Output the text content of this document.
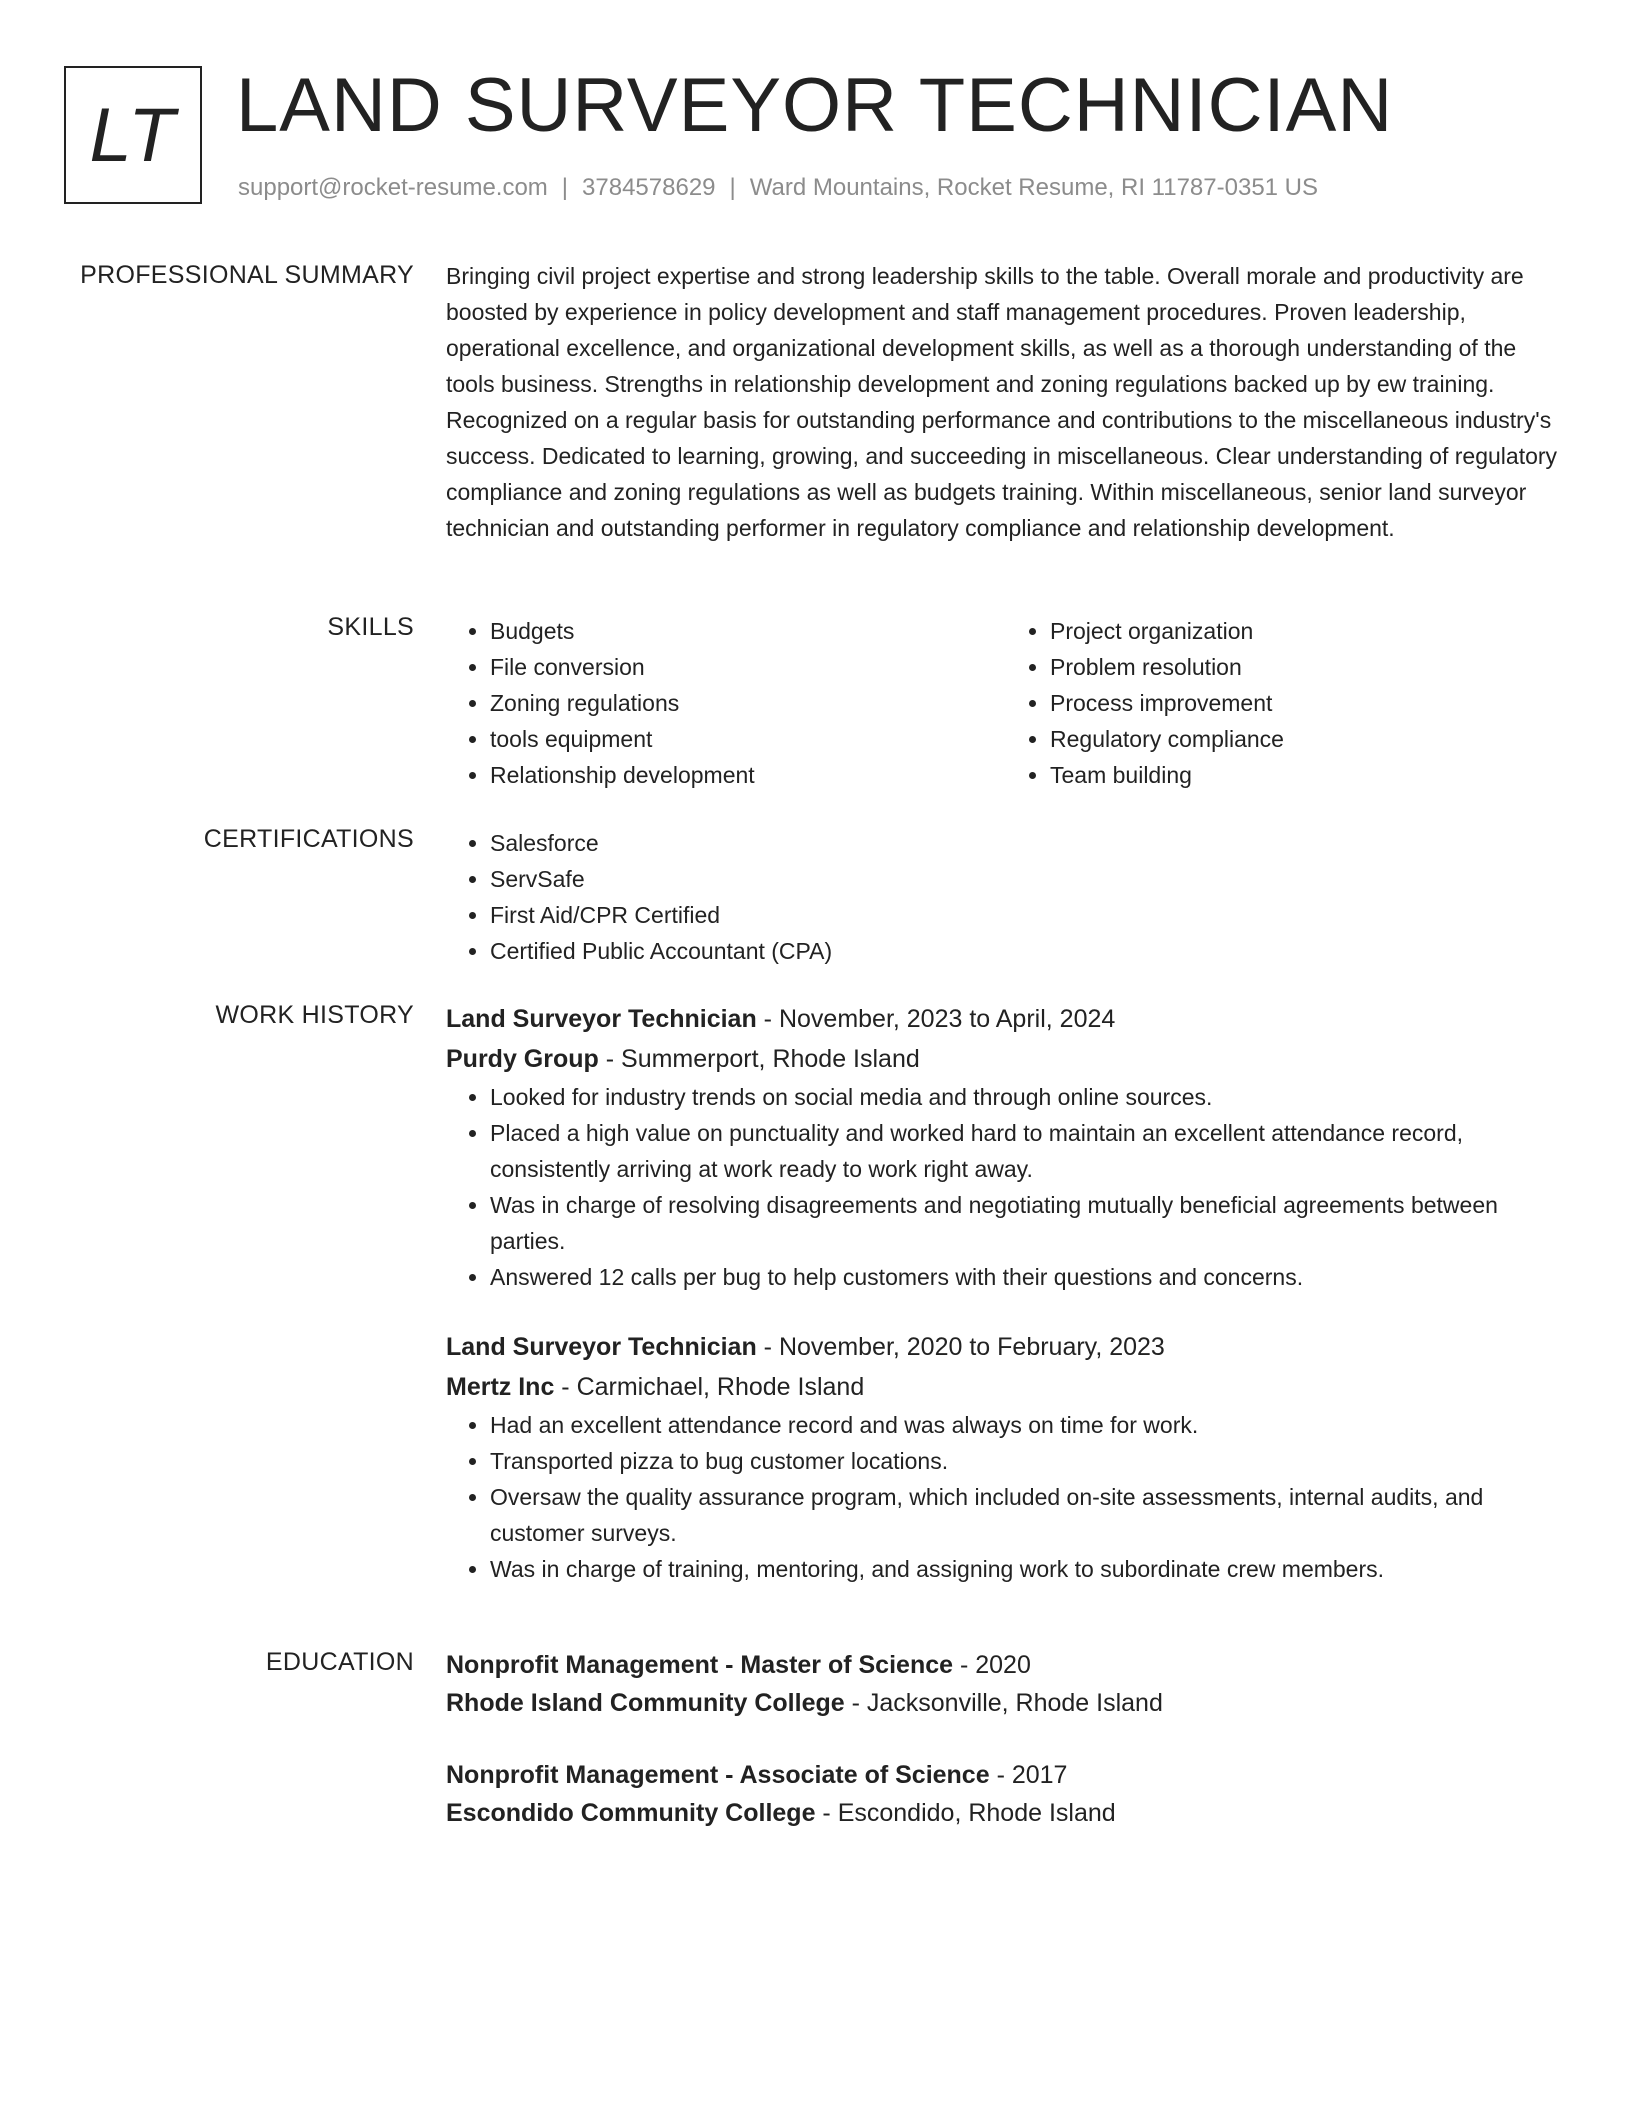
LT LAND SURVEYOR TECHNICIAN
support@rocket-resume.com | 3784578629 | Ward Mountains, Rocket Resume, RI 11787-0351 US
PROFESSIONAL SUMMARY Bringing civil project expertise and strong leadership skills to the table. Overall morale and productivity are boosted by experience in policy development and staff management procedures. Proven leadership, operational excellence, and organizational development skills, as well as a thorough understanding of the tools business. Strengths in relationship development and zoning regulations backed up by ew training. Recognized on a regular basis for outstanding performance and contributions to the miscellaneous industry's success. Dedicated to learning, growing, and succeeding in miscellaneous. Clear understanding of regulatory compliance and zoning regulations as well as budgets training. Within miscellaneous, senior land surveyor technician and outstanding performer in regulatory compliance and relationship development.

SKILLS	• Budgets
• File conversion
• Zoning regulations
• tools equipment
• Relationship development
• Project organization
• Problem resolution
• Process improvement
• Regulatory compliance
• Team building
CERTIFICATIONS	• Salesforce
• ServSafe
• First Aid/CPR Certified
• Certified Public Accountant (CPA)
WORK HISTORY Land Surveyor Technician - November, 2023 to April, 2024
Purdy Group - Summerport, Rhode Island
• Looked for industry trends on social media and through online sources.
• Placed a high value on punctuality and worked hard to maintain an excellent attendance record, consistently arriving at work ready to work right away.
• Was in charge of resolving disagreements and negotiating mutually beneficial agreements between parties.
• Answered 12 calls per bug to help customers with their questions and concerns.
Land Surveyor Technician - November, 2020 to February, 2023
Mertz Inc - Carmichael, Rhode Island
• Had an excellent attendance record and was always on time for work.
• Transported pizza to bug customer locations.
• Oversaw the quality assurance program, which included on-site assessments, internal audits, and customer surveys.
• Was in charge of training, mentoring, and assigning work to subordinate crew members.
EDUCATION Nonprofit Management - Master of Science - 2020
Rhode Island Community College - Jacksonville, Rhode Island
Nonprofit Management - Associate of Science - 2017
Escondido Community College - Escondido, Rhode Island
